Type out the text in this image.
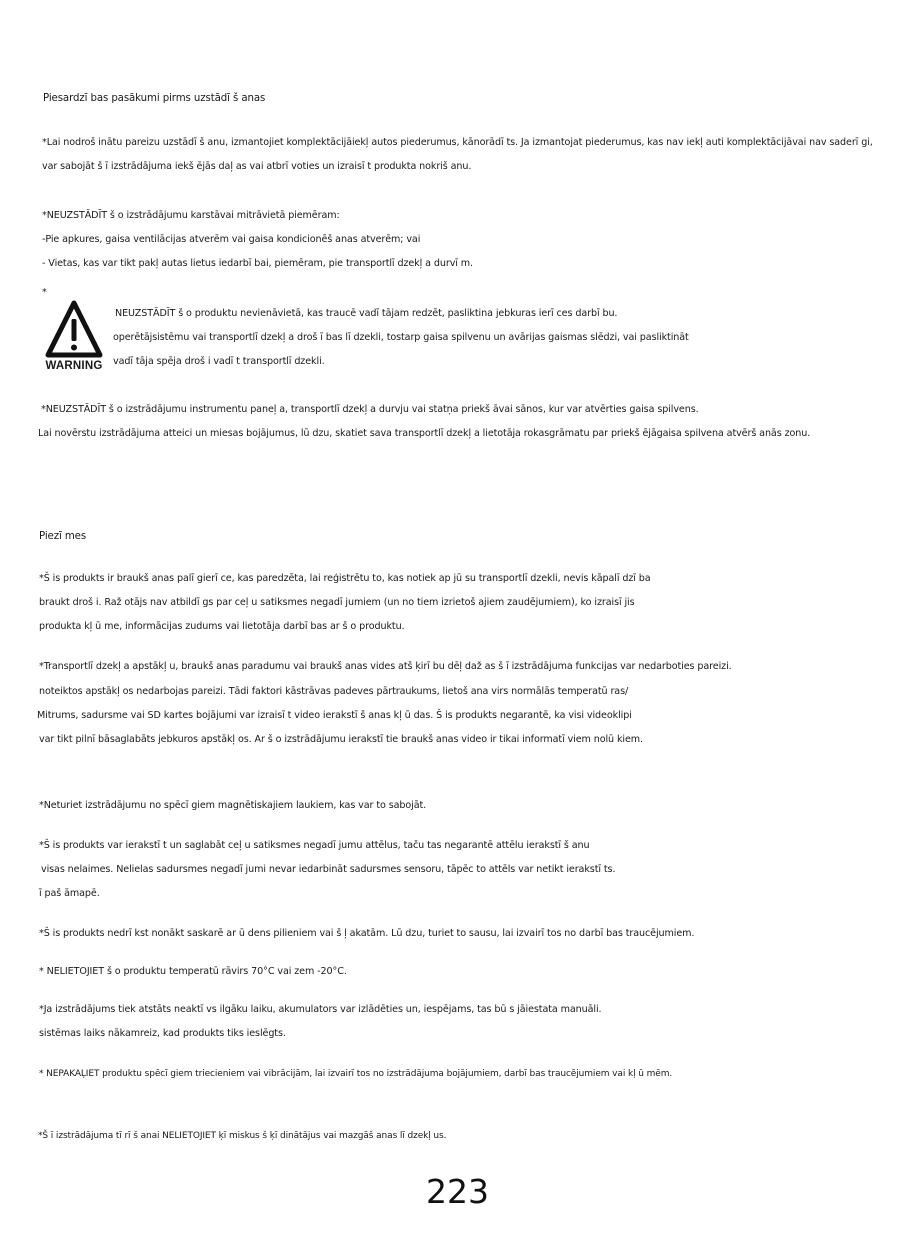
Piesardzī bas pasākumi pirms uzstādī š anas
*Lai nodroš inātu pareizu uzstādī š anu, izmantojiet komplektācijāiekļ autos piederumus, kānorādī ts. Ja izmantojat piederumus, kas nav iekļ auti komplektācijāvai nav saderī gi,
var sabojāt š ī izstrādājuma iekš ējās daļ as vai atbrī voties un izraisī t produkta nokriš anu.
*NEUZSTĀDĪT š o izstrādājumu karstāvai mitrāvietā piemēram:
-Pie apkures, gaisa ventilācijas atverēm vai gaisa kondicionēš anas atverēm; vai
- Vietas, kas var tikt pakļ autas lietus iedarbī bai, piemēram, pie transportlī dzekļ a durvī m.
*
WARNING
NEUZSTĀDĪT š o produktu nevienāvietā, kas traucē vadī tājam redzēt, pasliktina jebkuras ierī ces darbī bu.
operētājsistēmu vai transportlī dzekļ a droš ī bas lī dzekli, tostarp gaisa spilvenu un avārijas gaismas slēdzi, vai pasliktināt
vadī tāja spēja droš i vadī t transportlī dzekli.
*NEUZSTĀDĪT š o izstrādājumu instrumentu paneļ a, transportlī dzekļ a durvju vai statņa priekš āvai sānos, kur var atvērties gaisa spilvens.
Lai novērstu izstrādājuma atteici un miesas bojājumus, lū dzu, skatiet sava transportlī dzekļ a lietotāja rokasgrāmatu par priekš ējāgaisa spilvena atvērš anās zonu.
Piezī mes
*Š is produkts ir braukš anas palī gierī ce, kas paredzēta, lai reģistrētu to, kas notiek ap jū su transportlī dzekli, nevis kāpalī dzī ba
braukt droš i. Raž otājs nav atbildī gs par ceļ u satiksmes negadī jumiem (un no tiem izrietoš ajiem zaudējumiem), ko izraisī jis
produkta kļ ū me, informācijas zudums vai lietotāja darbī bas ar š o produktu.
*Transportlī dzekļ a apstākļ u, braukš anas paradumu vai braukš anas vides atš ķirī bu dēļ daž as š ī izstrādājuma funkcijas var nedarboties pareizi.
noteiktos apstākļ os nedarbojas pareizi. Tādi faktori kāstrāvas padeves pārtraukums, lietoš ana virs normālās temperatū ras/
Mitrums, sadursme vai SD kartes bojājumi var izraisī t video ierakstī š anas kļ ū das. Š is produkts negarantē, ka visi videoklipi
var tikt pilnī bāsaglabāts jebkuros apstākļ os. Ar š o izstrādājumu ierakstī tie braukš anas video ir tikai informatī viem nolū kiem.
*Neturiet izstrādājumu no spēcī giem magnētiskajiem laukiem, kas var to sabojāt.
*Š is produkts var ierakstī t un saglabāt ceļ u satiksmes negadī jumu attēlus, taču tas negarantē attēlu ierakstī š anu
visas nelaimes. Nelielas sadursmes negadī jumi nevar iedarbināt sadursmes sensoru, tāpēc to attēls var netikt ierakstī ts.
ī paš āmapē.
*Š is produkts nedrī kst nonākt saskarē ar ū dens pilieniem vai š ļ akatām. Lū dzu, turiet to sausu, lai izvairī tos no darbī bas traucējumiem.
* NELIETOJIET š o produktu temperatū rāvirs 70°C vai zem -20°C.
*Ja izstrādājums tiek atstāts neaktī vs ilgāku laiku, akumulators var izlādēties un, iespējams, tas bū s jāiestata manuāli.
sistēmas laiks nākamreiz, kad produkts tiks ieslēgts.
* NEPAKAĻIET produktu spēcī giem triecieniem vai vibrācijām, lai izvairī tos no izstrādājuma bojājumiem, darbī bas traucējumiem vai kļ ū mēm.
*Š ī izstrādājuma tī rī š anai NELIETOJIET ķī miskus š ķī dinātājus vai mazgāš anas lī dzekļ us.
223
